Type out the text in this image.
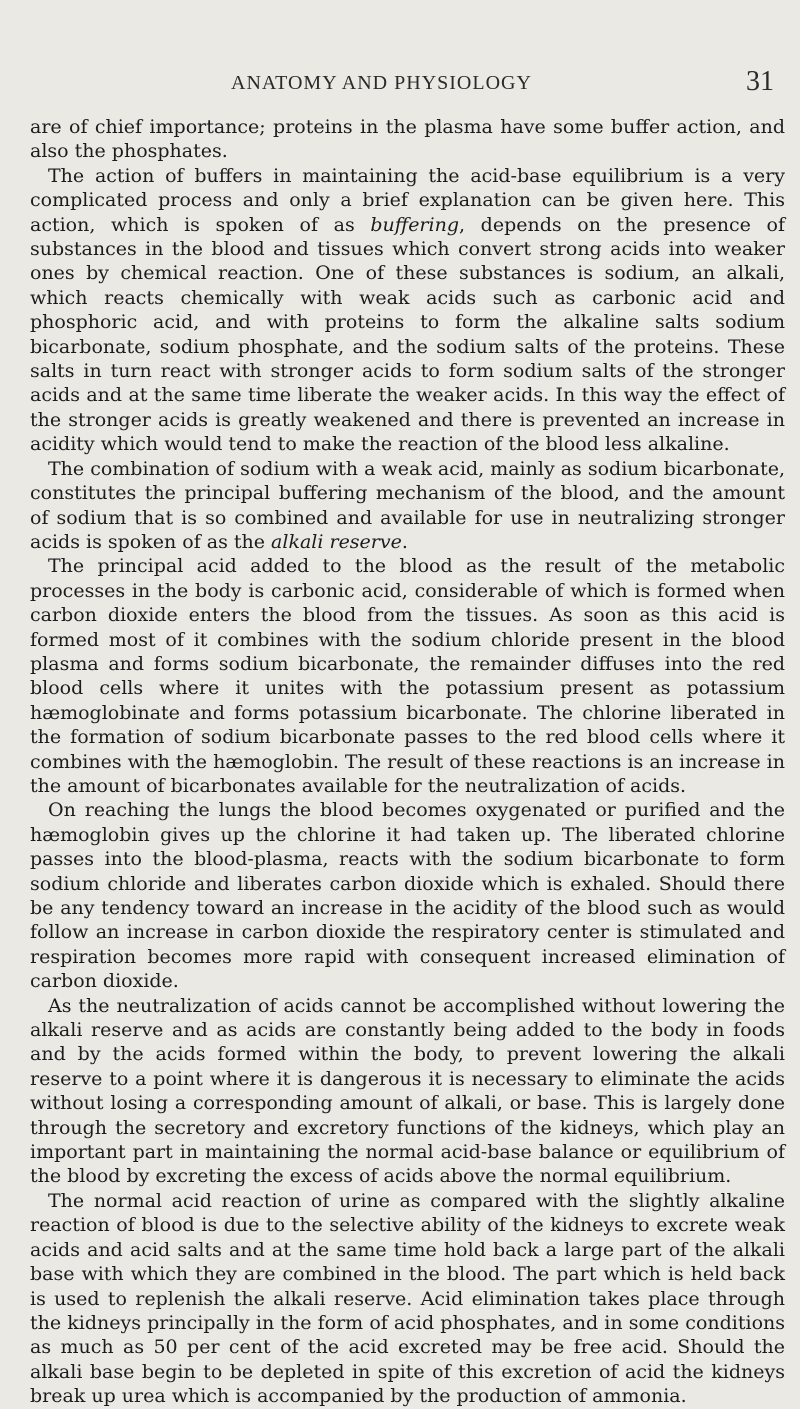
ANATOMY AND PHYSIOLOGY	31

are of chief importance; proteins in the plasma have some buffer action, and also the phosphates.

The action of buffers in maintaining the acid-base equilibrium is a very complicated process and only a brief explanation can be given here. This action, which is spoken of as buffering, depends on the presence of substances in the blood and tissues which convert strong acids into weaker ones by chemical reaction. One of these substances is sodium, an alkali, which reacts chemically with weak acids such as carbonic acid and phosphoric acid, and with proteins to form the alkaline salts sodium bicarbonate, sodium phosphate, and the sodium salts of the proteins. These salts in turn react with stronger acids to form sodium salts of the stronger acids and at the same time liberate the weaker acids. In this way the effect of the stronger acids is greatly weakened and there is prevented an increase in acidity which would tend to make the reaction of the blood less alkaline.

The combination of sodium with a weak acid, mainly as sodium bicarbonate, constitutes the principal buffering mechanism of the blood, and the amount of sodium that is so combined and available for use in neutralizing stronger acids is spoken of as the alkali reserve.

The principal acid added to the blood as the result of the metabolic processes in the body is carbonic acid, considerable of which is formed when carbon dioxide enters the blood from the tissues. As soon as this acid is formed most of it combines with the sodium chloride present in the blood plasma and forms sodium bicarbonate, the remainder diffuses into the red blood cells where it unites with the potassium present as potassium hæmoglobinate and forms potassium bicarbonate. The chlorine liberated in the formation of sodium bicarbonate passes to the red blood cells where it combines with the hæmoglobin. The result of these reactions is an increase in the amount of bicarbonates available for the neutralization of acids.

On reaching the lungs the blood becomes oxygenated or purified and the hæmoglobin gives up the chlorine it had taken up. The liberated chlorine passes into the blood-plasma, reacts with the sodium bicarbonate to form sodium chloride and liberates carbon dioxide which is exhaled. Should there be any tendency toward an increase in the acidity of the blood such as would follow an increase in carbon dioxide the respiratory center is stimulated and respiration becomes more rapid with consequent increased elimination of carbon dioxide.

As the neutralization of acids cannot be accomplished without lowering the alkali reserve and as acids are constantly being added to the body in foods and by the acids formed within the body, to prevent lowering the alkali reserve to a point where it is dangerous it is necessary to eliminate the acids without losing a corresponding amount of alkali, or base. This is largely done through the secretory and excretory functions of the kidneys, which play an important part in maintaining the normal acid-base balance or equilibrium of the blood by excreting the excess of acids above the normal equilibrium.

The normal acid reaction of urine as compared with the slightly alkaline reaction of blood is due to the selective ability of the kidneys to excrete weak acids and acid salts and at the same time hold back a large part of the alkali base with which they are combined in the blood. The part which is held back is used to replenish the alkali reserve. Acid elimination takes place through the kidneys principally in the form of acid phosphates, and in some conditions as much as 50 per cent of the acid excreted may be free acid. Should the alkali base begin to be depleted in spite of this excretion of acid the kidneys break up urea which is accompanied by the production of ammonia.
